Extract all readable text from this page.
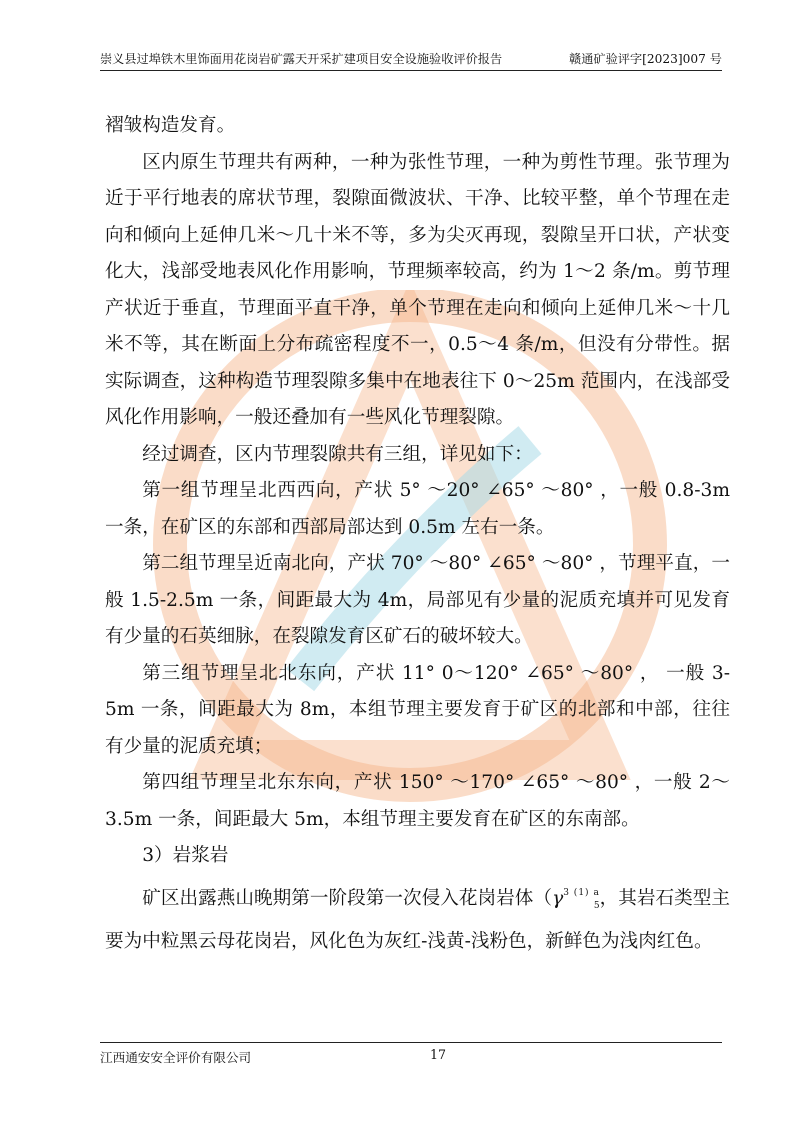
崇义县过埠铁木里饰面用花岗岩矿露天开采扩建项目安全设施验收评价报告	赣通矿验评字[2023]007 号

褶皱构造发育。

区内原生节理共有两种，一种为张性节理，一种为剪性节理。张节理为近于平行地表的席状节理，裂隙面微波状、干净、比较平整，单个节理在走向和倾向上延伸几米～几十米不等，多为尖灭再现，裂隙呈开口状，产状变化大，浅部受地表风化作用影响，节理频率较高，约为 1～2 条/m。剪节理产状近于垂直，节理面平直干净，单个节理在走向和倾向上延伸几米～十几米不等，其在断面上分布疏密程度不一，0.5～4 条/m，但没有分带性。据实际调查，这种构造节理裂隙多集中在地表往下 0～25m 范围内，在浅部受风化作用影响，一般还叠加有一些风化节理裂隙。

经过调查，区内节理裂隙共有三组，详见如下：

第一组节理呈北西西向，产状 5° ～20° ∠65° ～80° ，一般 0.8-3m 一条，在矿区的东部和西部局部达到 0.5m 左右一条。

第二组节理呈近南北向，产状 70° ～80° ∠65° ～80° ，节理平直，一般 1.5-2.5m 一条，间距最大为 4m，局部见有少量的泥质充填并可见发育有少量的石英细脉，在裂隙发育区矿石的破坏较大。

第三组节理呈北北东向，产状 11° 0～120° ∠65° ～80° ， 一般 3-5m 一条，间距最大为 8m，本组节理主要发育于矿区的北部和中部，往往有少量的泥质充填；

第四组节理呈北东东向，产状 150° ～170° ∠65° ～80° ，一般 2～3.5m 一条，间距最大 5m，本组节理主要发育在矿区的东南部。

3）岩浆岩

矿区出露燕山晚期第一阶段第一次侵入花岗岩体（$\gamma^{3 (1) a}_5$，其岩石类型主要为中粒黑云母花岗岩，风化色为灰红-浅黄-浅粉色，新鲜色为浅肉红色。

江西通安安全评价有限公司	17
